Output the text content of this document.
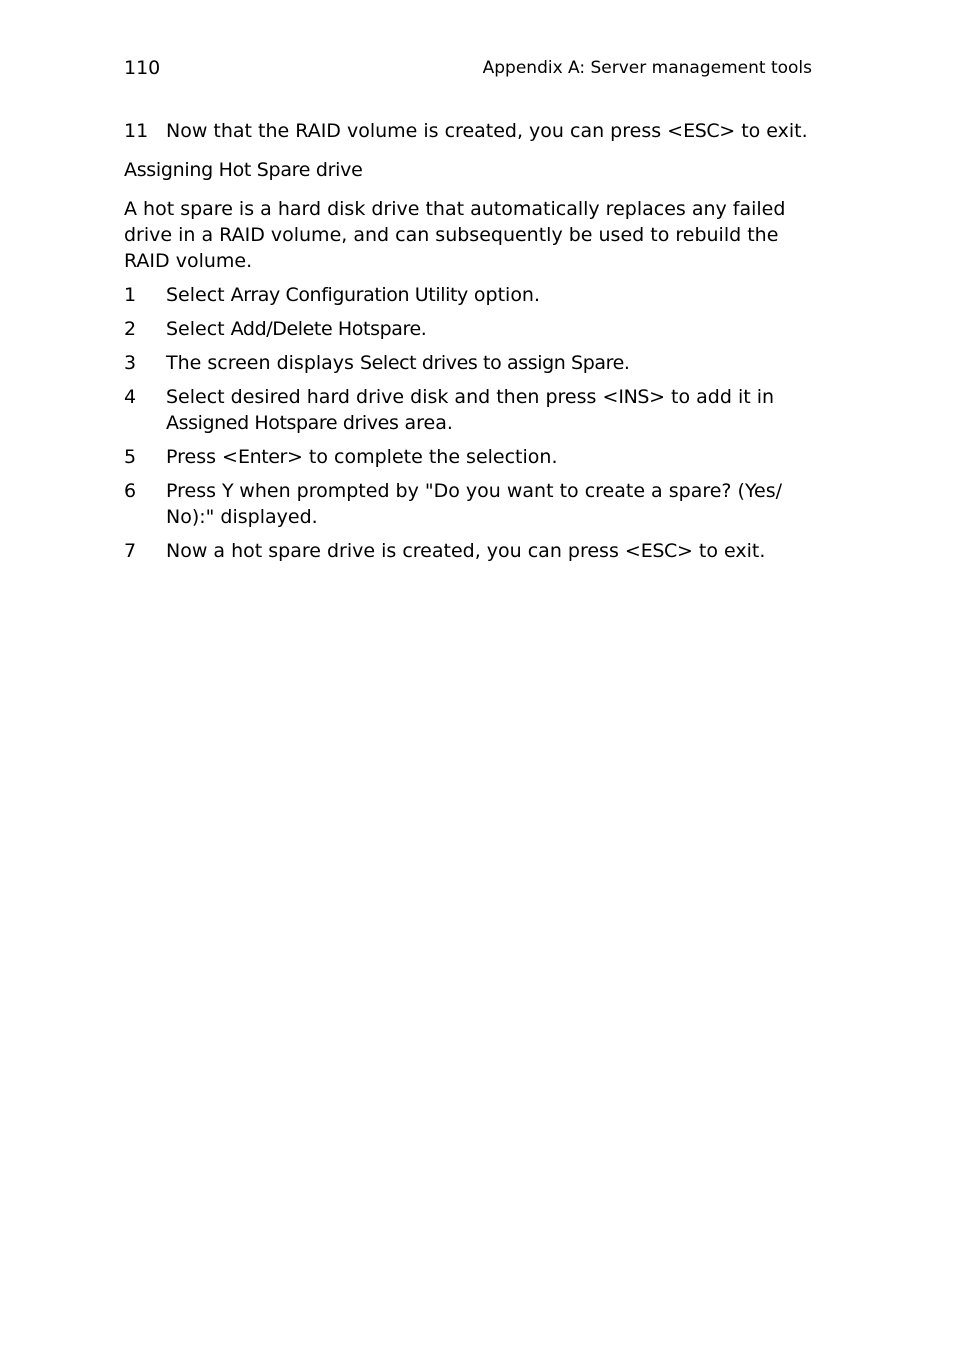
110	Appendix A: Server management tools
11 Now that the RAID volume is created, you can press <ESC> to exit.
Assigning Hot Spare drive
A hot spare is a hard disk drive that automatically replaces any failed drive in a RAID volume, and can subsequently be used to rebuild the RAID volume.
1	Select Array Configuration Utility option.
2	Select Add/Delete Hotspare.
3	The screen displays Select drives to assign Spare.
4	Select desired hard drive disk and then press <INS> to add it in Assigned Hotspare drives area.
5	Press <Enter> to complete the selection.
6	Press Y when prompted by "Do you want to create a spare? (Yes/ No):" displayed.
7	Now a hot spare drive is created, you can press <ESC> to exit.
